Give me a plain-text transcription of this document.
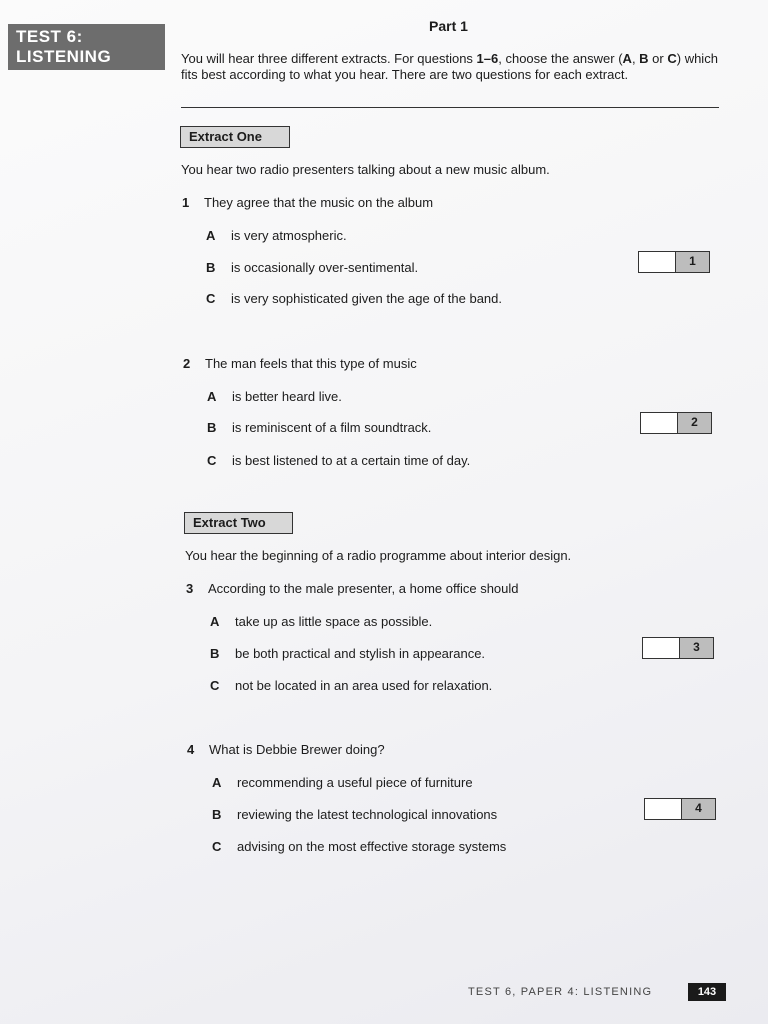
TEST 6:
LISTENING
Part 1
You will hear three different extracts. For questions 1–6, choose the answer (A, B or C) which fits best according to what you hear. There are two questions for each extract.
Extract One
You hear two radio presenters talking about a new music album.
1 They agree that the music on the album
A is very atmospheric.
B is occasionally over-sentimental.
C is very sophisticated given the age of the band.
1
2 The man feels that this type of music
A is better heard live.
B is reminiscent of a film soundtrack.
C is best listened to at a certain time of day.
2
Extract Two
You hear the beginning of a radio programme about interior design.
3 According to the male presenter, a home office should
A take up as little space as possible.
B be both practical and stylish in appearance.
C not be located in an area used for relaxation.
3
4 What is Debbie Brewer doing?
A recommending a useful piece of furniture
B reviewing the latest technological innovations
C advising on the most effective storage systems
4
TEST 6, PAPER 4: LISTENING	143
